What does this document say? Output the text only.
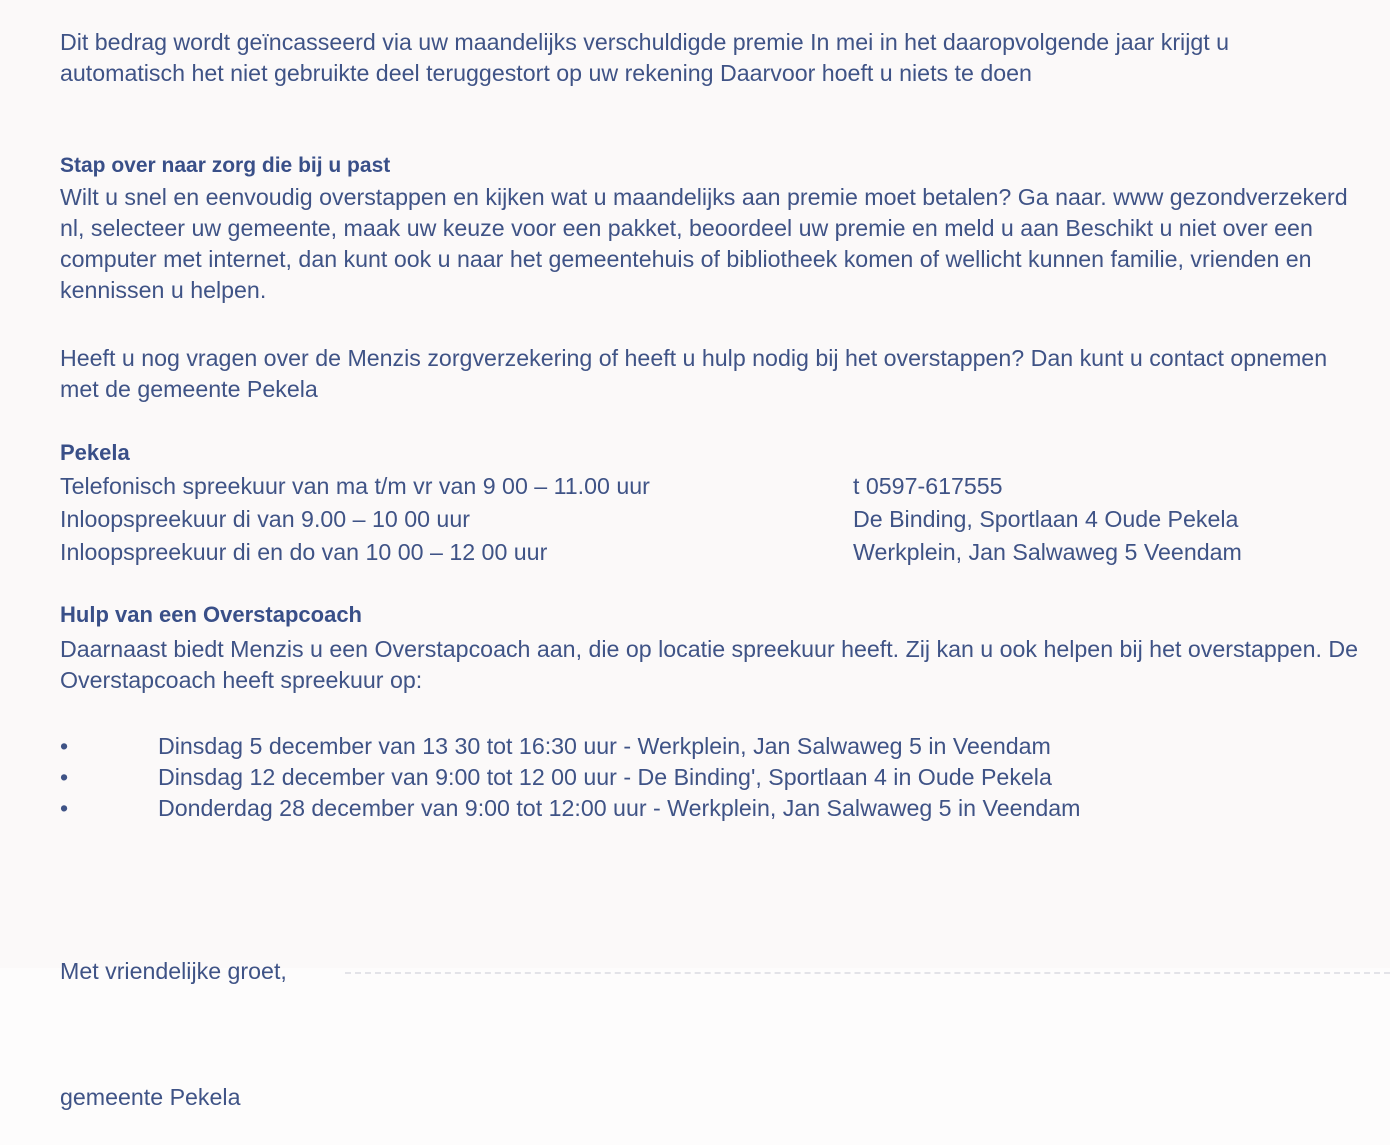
Dit bedrag wordt geïncasseerd via uw maandelijks verschuldigde premie In mei in het daaropvolgende jaar krijgt u automatisch het niet gebruikte deel teruggestort op uw rekening Daarvoor hoeft u niets te doen

Stap over naar zorg die bij u past

Wilt u snel en eenvoudig overstappen en kijken wat u maandelijks aan premie moet betalen? Ga naar. www gezondverzekerd nl, selecteer uw gemeente, maak uw keuze voor een pakket, beoordeel uw premie en meld u aan Beschikt u niet over een computer met internet, dan kunt ook u naar het gemeentehuis of bibliotheek komen of wellicht kunnen familie, vrienden en kennissen u helpen.

Heeft u nog vragen over de Menzis zorgverzekering of heeft u hulp nodig bij het overstappen? Dan kunt u contact opnemen met de gemeente Pekela

Pekela
Telefonisch spreekuur van ma t/m vr van 9 00 – 11.00 uur	t 0597-617555
Inloopspreekuur di van 9.00 – 10 00 uur	De Binding, Sportlaan 4 Oude Pekela
Inloopspreekuur di en do van 10 00 – 12 00 uur	Werkplein, Jan Salwaweg 5 Veendam
Hulp van een Overstapcoach

Daarnaast biedt Menzis u een Overstapcoach aan, die op locatie spreekuur heeft. Zij kan u ook helpen bij het overstappen. De Overstapcoach heeft spreekuur op:

•	Dinsdag 5 december van 13 30 tot 16:30 uur - Werkplein, Jan Salwaweg 5 in Veendam
•	Dinsdag 12 december van 9:00 tot 12 00 uur - De Binding', Sportlaan 4 in Oude Pekela
•	Donderdag 28 december van 9:00 tot 12:00 uur - Werkplein, Jan Salwaweg 5 in Veendam
Met vriendelijke groet,
gemeente Pekela
